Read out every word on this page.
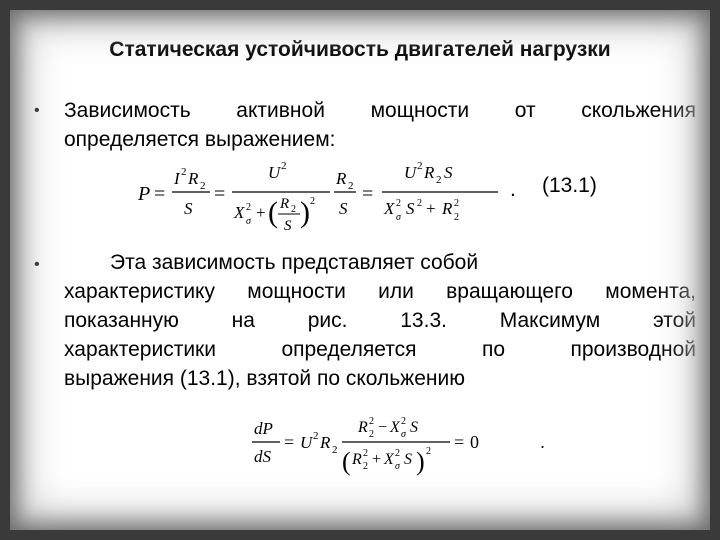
Статическая устойчивость двигателей нагрузки
• Зависимость активной мощности от скольжения
определяется выражением:
P =
I 2 R 2
S
=
U 2
X 2
σ + ( R 2
S ) 2
R 2
S
=
U 2 R 2 S
X 2
σ S 2 + R 2
2
. (13.1)
•	Эта зависимость представляет собой
характеристику мощности или вращающего момента,
показанную на рис. 13.3. Максимум этой
характеристики определяется по производной
выражения (13.1), взятой по скольжению
dP
dS
= U 2 R 2
R 2
2 − X 2
σ S
( R 2
2 + X 2
σ S ) 2 = 0	.
